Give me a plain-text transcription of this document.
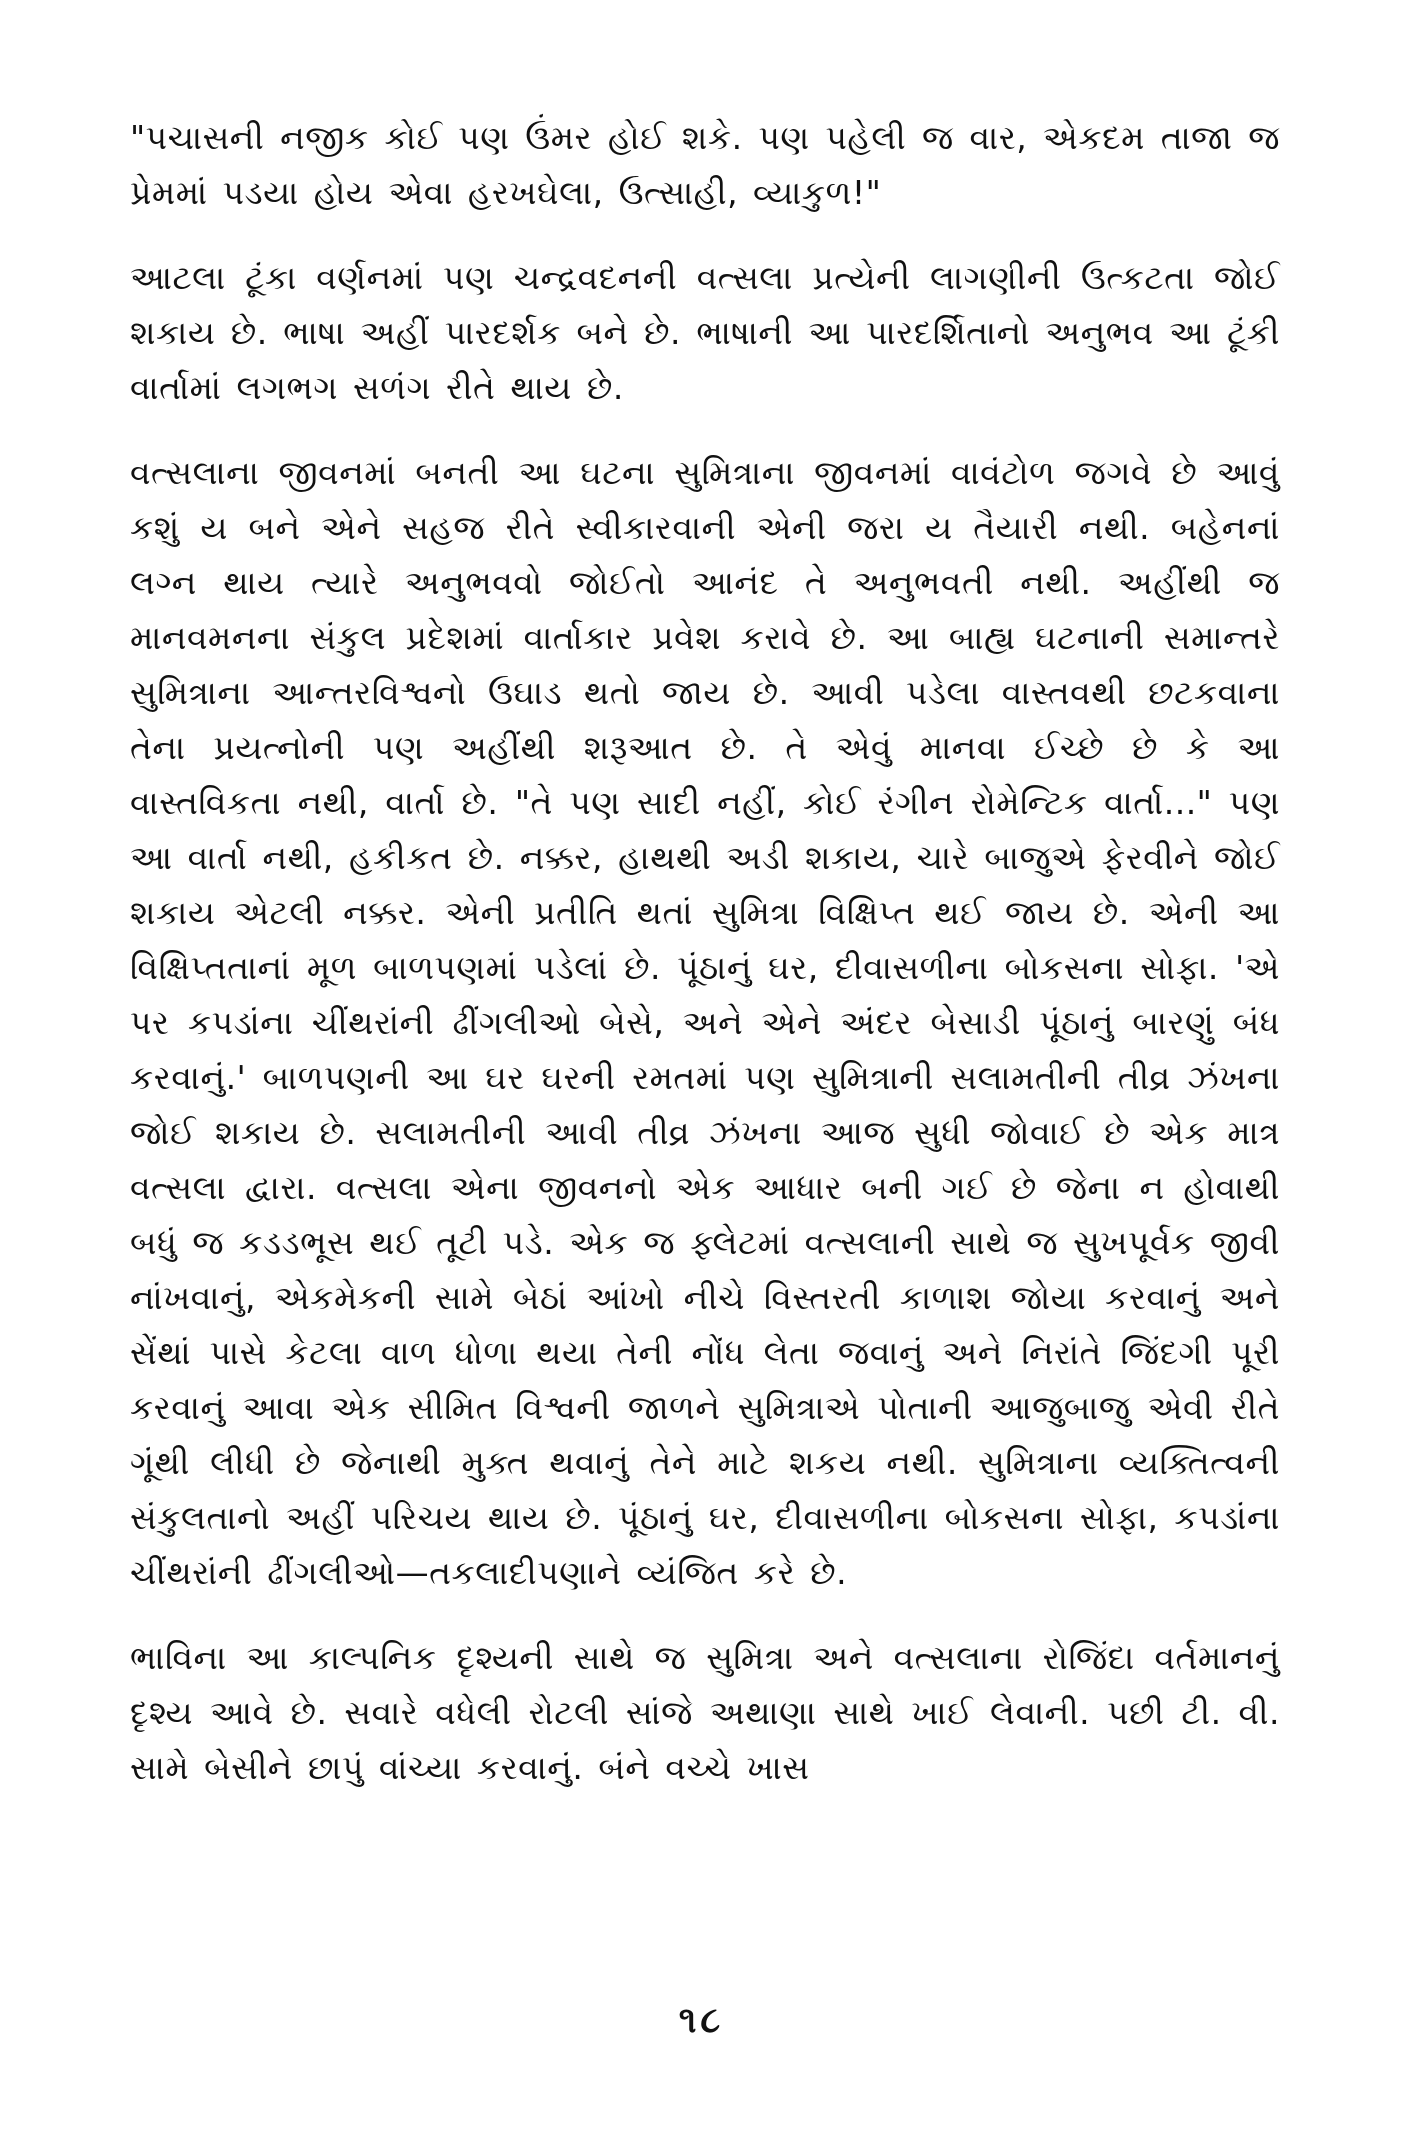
"પચાસની નજીક કોઈ પણ ઉંમર હોઈ શકે. પણ પહેલી જ વાર, એકદમ તાજા જ પ્રેમમાં પડયા હોય એવા હરખઘેલા, ઉત્સાહી, વ્યાકુળ!"

આટલા ટૂંકા વર્ણનમાં પણ ચન્દ્રવદનની વત્સલા પ્રત્યેની લાગણીની ઉત્કટતા જોઈ શકાય છે. ભાષા અહીં પારદર્શક બને છે. ભાષાની આ પારદર્શિતાનો અનુભવ આ ટૂંકી વાર્તામાં લગભગ સળંગ રીતે થાય છે.

વત્સલાના જીવનમાં બનતી આ ઘટના સુમિત્રાના જીવનમાં વાવંટોળ જગવે છે આવું કશું ય બને એને સહજ રીતે સ્વીકારવાની એની જરા ય તૈયારી નથી. બહેનનાં લગ્ન થાય ત્યારે અનુભવવો જોઈતો આનંદ તે અનુભવતી નથી. અહીંથી જ માનવમનના સંકુલ પ્રદેશમાં વાર્તાકાર પ્રવેશ કરાવે છે. આ બાહ્ય ઘટનાની સમાન્તરે સુમિત્રાના આન્તરવિશ્વનો ઉઘાડ થતો જાય છે. આવી પડેલા વાસ્તવથી છટકવાના તેના પ્રયત્નોની પણ અહીંથી શરૂઆત છે. તે એવું માનવા ઈચ્છે છે કે આ વાસ્તવિકતા નથી, વાર્તા છે. "તે પણ સાદી નહીં, કોઈ રંગીન રોમેન્ટિક વાર્તા..." પણ આ વાર્તા નથી, હકીકત છે. નક્કર, હાથથી અડી શકાય, ચારે બાજુએ ફેરવીને જોઈ શકાય એટલી નક્કર. એની પ્રતીતિ થતાં સુમિત્રા વિક્ષિપ્ત થઈ જાય છે. એની આ વિક્ષિપ્તતાનાં મૂળ બાળપણમાં પડેલાં છે. પૂંઠાનું ઘર, દીવાસળીના બોકસના સોફા. 'એ પર કપડાંના ચીંથરાંની ઢીંગલીઓ બેસે, અને એને અંદર બેસાડી પૂંઠાનું બારણું બંધ કરવાનું.' બાળપણની આ ઘર ઘરની રમતમાં પણ સુમિત્રાની સલામતીની તીવ્ર ઝંખના જોઈ શકાય છે. સલામતીની આવી તીવ્ર ઝંખના આજ સુધી જોવાઈ છે એક માત્ર વત્સલા દ્વારા. વત્સલા એના જીવનનો એક આધાર બની ગઈ છે જેના ન હોવાથી બધું જ કડડભૂસ થઈ તૂટી પડે. એક જ ફ્લેટમાં વત્સલાની સાથે જ સુખપૂર્વક જીવી નાંખવાનું, એકમેકની સામે બેઠાં આંખો નીચે વિસ્તરતી કાળાશ જોયા કરવાનું અને સેંથાં પાસે કેટલા વાળ ધોળા થયા તેની નોંધ લેતા જવાનું અને નિરાંતે જિંદગી પૂરી કરવાનું આવા એક સીમિત વિશ્વની જાળને સુમિત્રાએ પોતાની આજુબાજુ એવી રીતે ગૂંથી લીધી છે જેનાથી મુક્ત થવાનું તેને માટે શકય નથી. સુમિત્રાના વ્યક્તિત્વની સંકુલતાનો અહીં પરિચય થાય છે. પૂંઠાનું ઘર, દીવાસળીના બોકસના સોફા, કપડાંના ચીંથરાંની ઢીંગલીઓ—તકલાદીપણાને વ્યંજિત કરે છે.

ભાવિના આ કાલ્પનિક દૃશ્યની સાથે જ સુમિત્રા અને વત્સલાના રોજિંદા વર્તમાનનું દૃશ્ય આવે છે. સવારે વધેલી રોટલી સાંજે અથાણા સાથે ખાઈ લેવાની. પછી ટી. વી. સામે બેસીને છાપું વાંચ્યા કરવાનું. બંને વચ્ચે ખાસ

૧૮
